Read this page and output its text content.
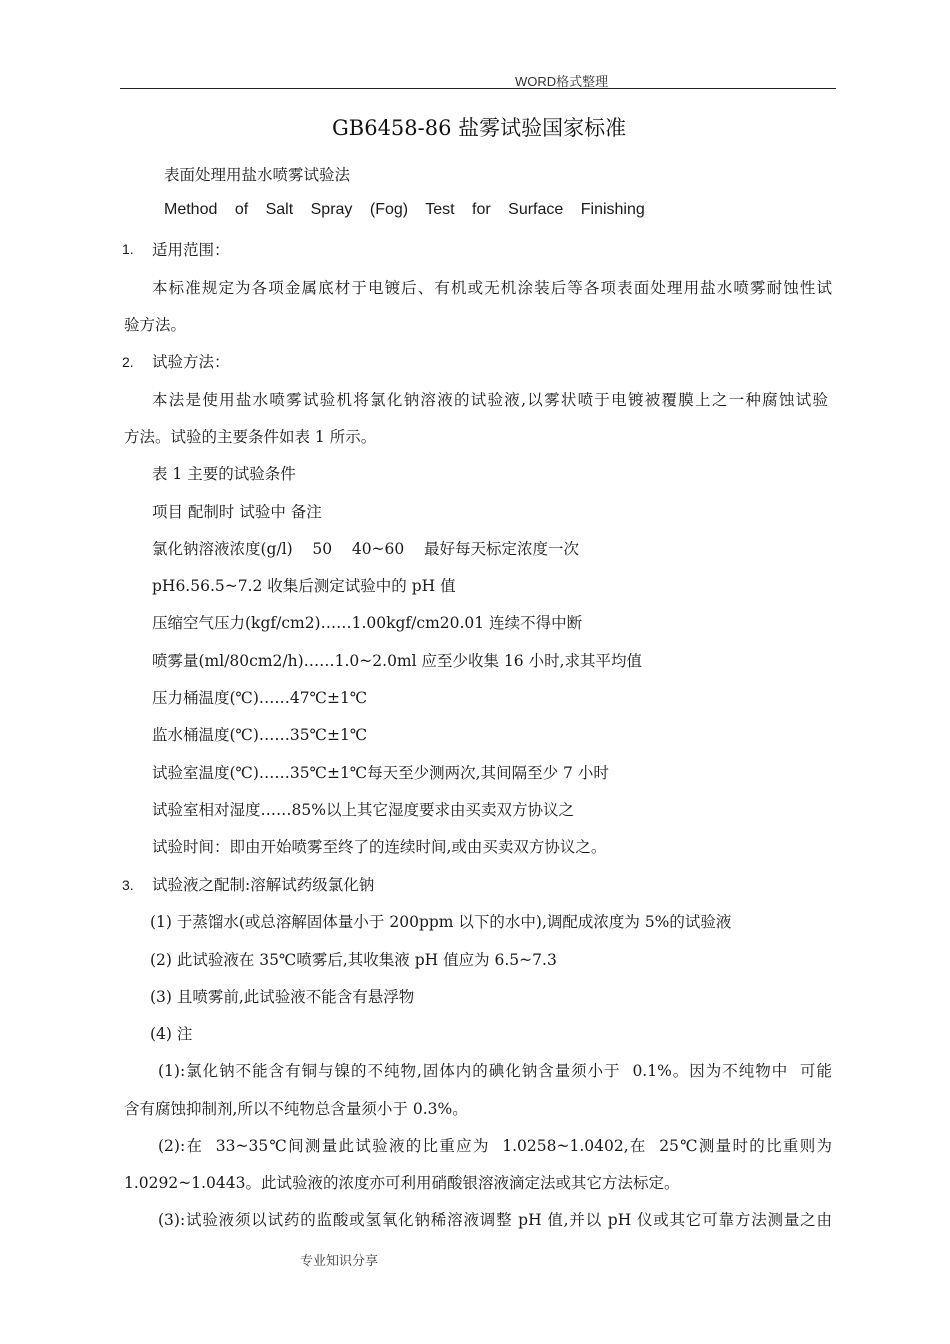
WORD格式整理
GB6458-86 盐雾试验国家标准
表面处理用盐水喷雾试验法
Method of Salt Spray (Fog) Test for Surface Finishing
1. 适用范围：
本标准规定为各项金属底材于电镀后、有机或无机涂装后等各项表面处理用盐水喷雾耐蚀性试
验方法。
2. 试验方法：
本法是使用盐水喷雾试验机将氯化钠溶液的试验液,以雾状喷于电镀被覆膜上之一种腐蚀试验
方法。试验的主要条件如表 1 所示。
表 1 主要的试验条件
项目 配制时 试验中 备注
氯化钠溶液浓度(g/l)    50    40~60    最好每天标定浓度一次
pH6.56.5~7.2 收集后测定试验中的 pH 值
压缩空气压力(kgf/cm2)……1.00kgf/cm20.01 连续不得中断
喷雾量(ml/80cm2/h)……1.0~2.0ml 应至少收集 16 小时,求其平均值
压力桶温度(℃)……47℃±1℃
监水桶温度(℃)……35℃±1℃
试验室温度(℃)……35℃±1℃每天至少测两次,其间隔至少 7 小时
试验室相对湿度……85%以上其它湿度要求由买卖双方协议之
试验时间：即由开始喷雾至终了的连续时间,或由买卖双方协议之。
3. 试验液之配制:溶解试药级氯化钠
(1) 于蒸馏水(或总溶解固体量小于 200ppm 以下的水中),调配成浓度为 5%的试验液
(2) 此试验液在 35℃喷雾后,其收集液 pH 值应为 6.5~7.3
(3) 且喷雾前,此试验液不能含有悬浮物
(4) 注
(1):氯化钠不能含有铜与镍的不纯物,固体内的碘化钠含量须小于  0.1%。因为不纯物中  可能
含有腐蚀抑制剂,所以不纯物总含量须小于 0.3%。
(2):在  33~35℃间测量此试验液的比重应为  1.0258~1.0402,在  25℃测量时的比重则为
1.0292~1.0443。此试验液的浓度亦可利用硝酸银溶液滴定法或其它方法标定。
(3):试验液须以试药的监酸或氢氧化钠稀溶液调整 pH 值,并以 pH 仪或其它可靠方法测量之由
专业知识分享
